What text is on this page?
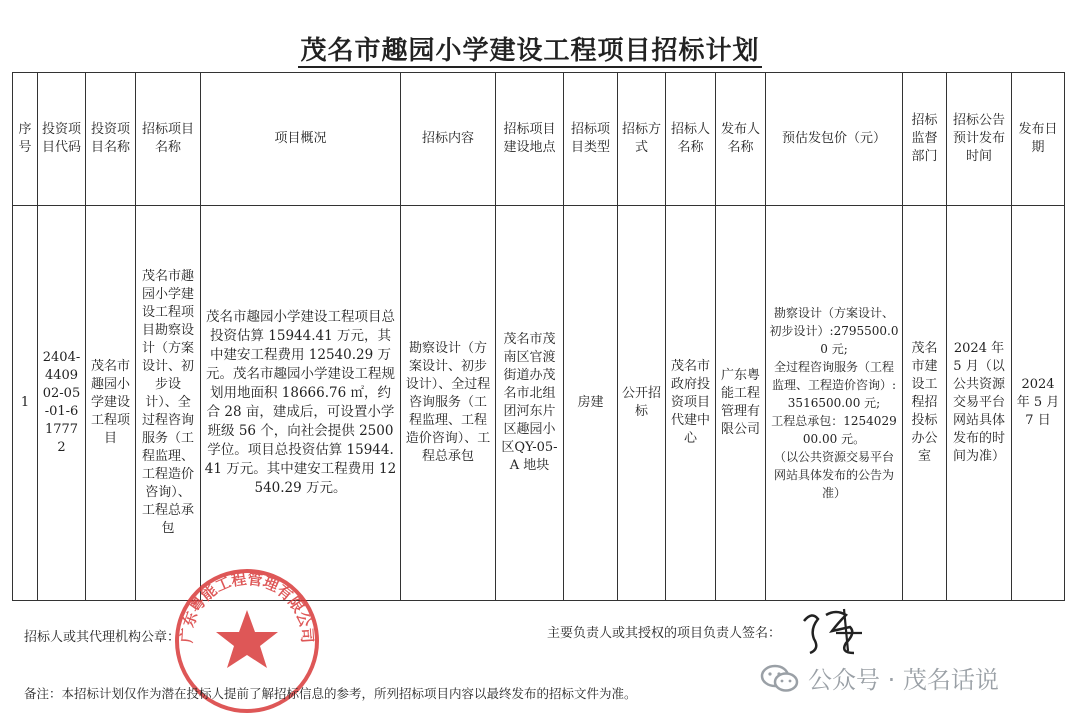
茂名市趣园小学建设工程项目招标计划
序号	投资项目代码	投资项目名称	招标项目名称	项目概况	招标内容	招标项目建设地点	招标项目类型	招标方式	招标人名称	发布人名称	预估发包价（元）	招标监督部门	招标公告预计发布时间	发布日期
1	2404-440902-05-01-617772	茂名市趣园小学建设工程项目	茂名市趣园小学建设工程项目勘察设计（方案设计、初步设计）、全过程咨询服务（工程监理、工程造价咨询）、工程总承包	茂名市趣园小学建设工程项目总投资估算 15944.41 万元，其中建安工程费用 12540.29 万元。茂名市趣园小学建设工程规划用地面积 18666.76 ㎡，约合 28 亩，建成后，可设置小学班级 56 个，向社会提供 2500 学位。项目总投资估算 15944.41 万元。其中建安工程费用 12540.29 万元。	勘察设计（方案设计、初步设计）、全过程咨询服务（工程监理、工程造价咨询）、工程总承包	茂名市茂南区官渡街道办茂名市北组团河东片区趣园小区QY-05-A 地块	房建	公开招标	茂名市政府投资项目代建中心	广东粤能工程管理有限公司	勘察设计（方案设计、初步设计）:2795500.00 元;
全过程咨询服务（工程监理、工程造价咨询）: 3516500.00 元;
工程总承包：125402900.00 元。
（以公共资源交易平台网站具体发布的公告为准）	茂名市建设工程招投标办公室	2024 年 5 月（以公共资源交易平台网站具体发布的时间为准）	2024 年 5 月 7 日
招标人或其代理机构公章：
广东粤能工程管理有限公司	主要负责人或其授权的项目负责人签名：
公众号 · 茂名话说
备注：本招标计划仅作为潜在投标人提前了解招标信息的参考，所列招标项目内容以最终发布的招标文件为准。
